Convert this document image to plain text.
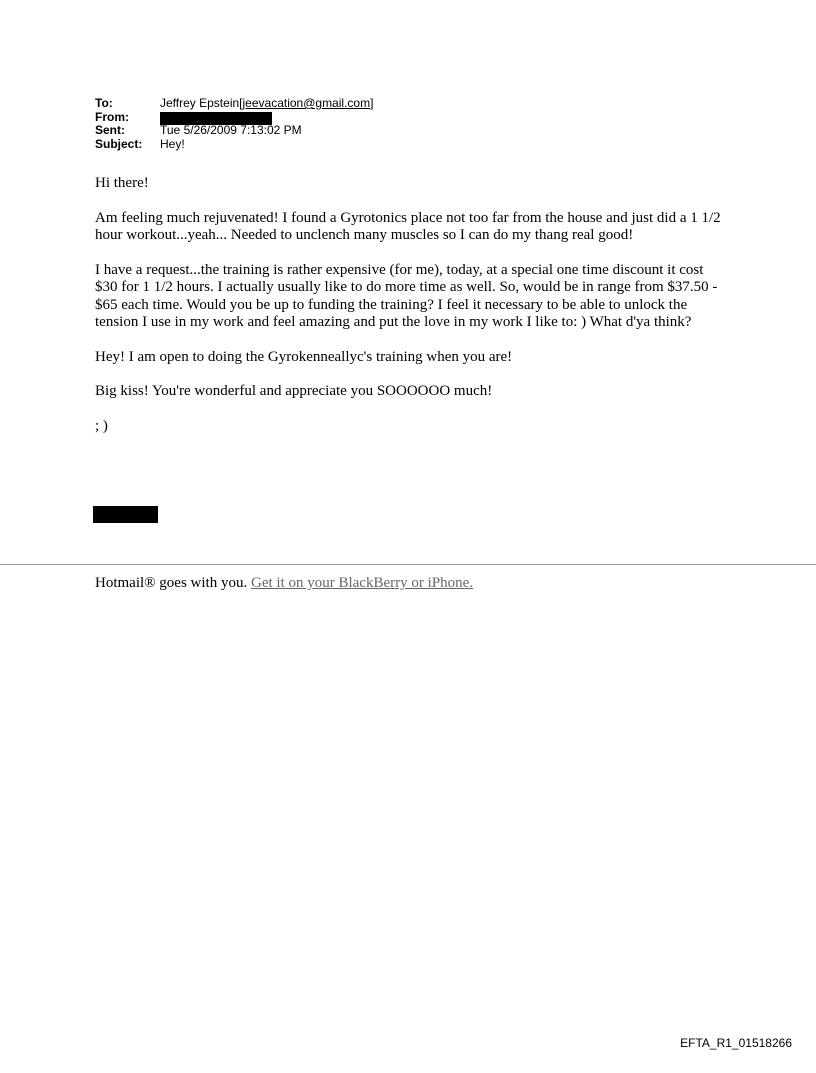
To:	Jeffrey Epstein[jeevacation@gmail.com]
From:
Sent:	Tue 5/26/2009 7:13:02 PM
Subject: Hey!

Hi there!

Am feeling much rejuvenated! I found a Gyrotonics place not too far from the house and just did a 1 1/2 hour workout...yeah... Needed to unclench many muscles so I can do my thang real good!

I have a request...the training is rather expensive (for me), today, at a special one time discount it cost $30 for 1 1/2 hours. I actually usually like to do more time as well. So, would be in range from $37.50 - $65 each time. Would you be up to funding the training? I feel it necessary to be able to unlock the tension I use in my work and feel amazing and put the love in my work I like to: ) What d'ya think?

Hey! I am open to doing the Gyrokenneallyc's training when you are!

Big kiss! You're wonderful and appreciate you SOOOOOO much!

; )

Hotmail® goes with you. Get it on your BlackBerry or iPhone.
EFTA_R1_01518266
